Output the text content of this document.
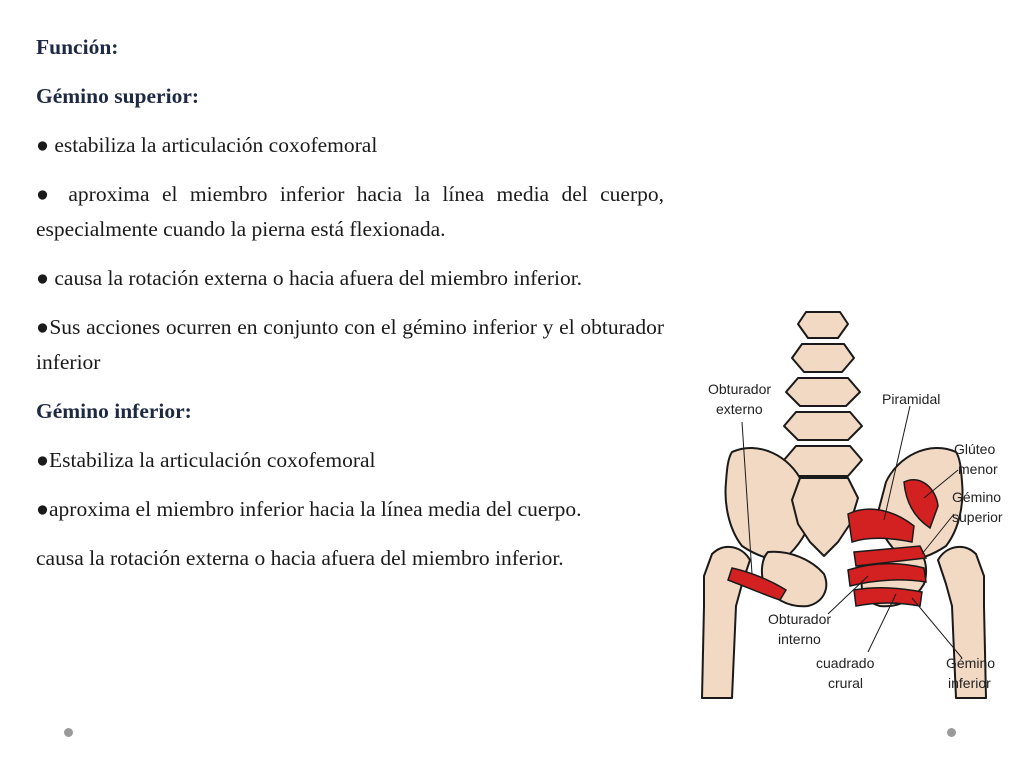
Función:

Gémino superior:

● estabiliza la articulación coxofemoral

● aproxima el miembro inferior hacia la línea media del cuerpo, especialmente cuando la pierna está flexionada.

● causa la rotación externa o hacia afuera del miembro inferior.

●Sus acciones ocurren en conjunto con el gémino inferior y el obturador inferior

Gémino inferior:

●Estabiliza la articulación coxofemoral

●aproxima el miembro inferior hacia la línea media del cuerpo.

causa la rotación externa o hacia afuera del miembro inferior.

Obturador externo
Piramidal
Glúteo menor
Gémino superior
Obturador interno
cuadrado crural
Gémino inferior
